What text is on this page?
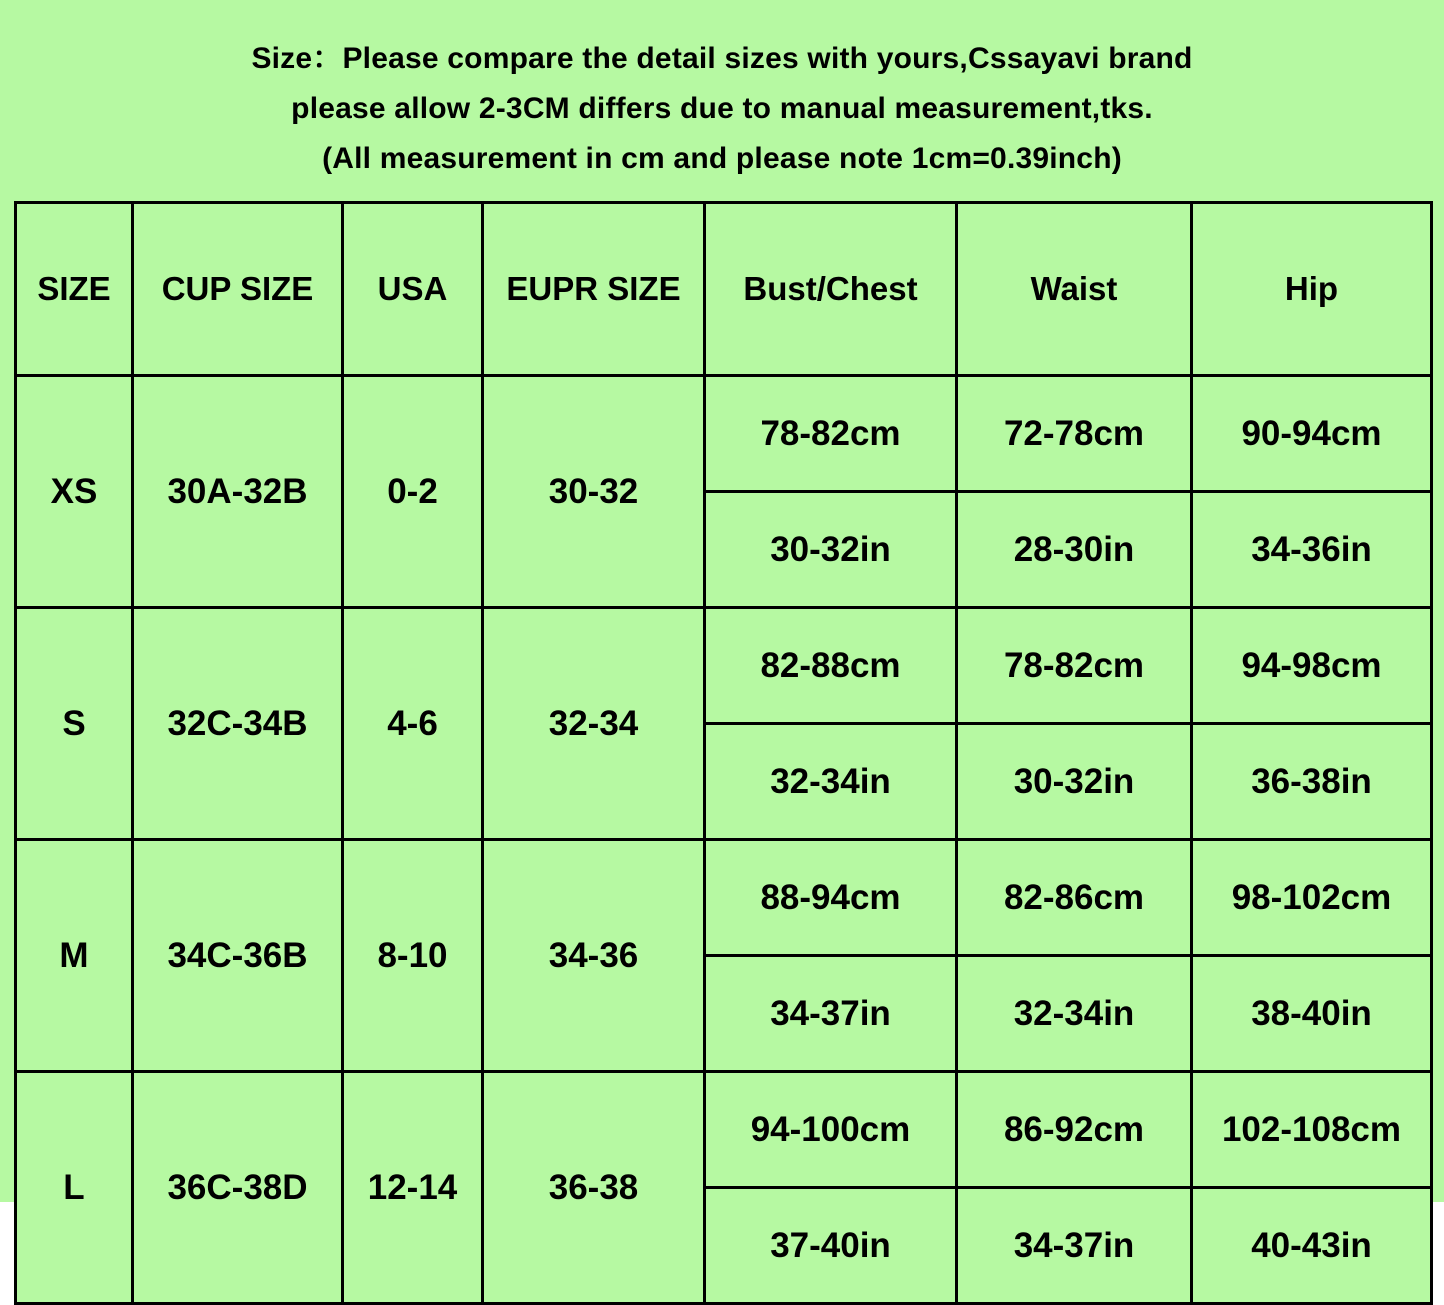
Size：Please compare the detail sizes with yours,Cssayavi brand
please allow 2-3CM differs due to manual measurement,tks.
(All measurement in cm and please note 1cm=0.39inch)
SIZE	CUP SIZE	USA	EUPR SIZE	Bust/Chest	Waist	Hip
XS	30A-32B	0-2	30-32	78-82cm	72-78cm	90-94cm
				30-32in	28-30in	34-36in
S	32C-34B	4-6	32-34	82-88cm	78-82cm	94-98cm
				32-34in	30-32in	36-38in
M	34C-36B	8-10	34-36	88-94cm	82-86cm	98-102cm
				34-37in	32-34in	38-40in
L	36C-38D	12-14	36-38	94-100cm	86-92cm	102-108cm
				37-40in	34-37in	40-43in
